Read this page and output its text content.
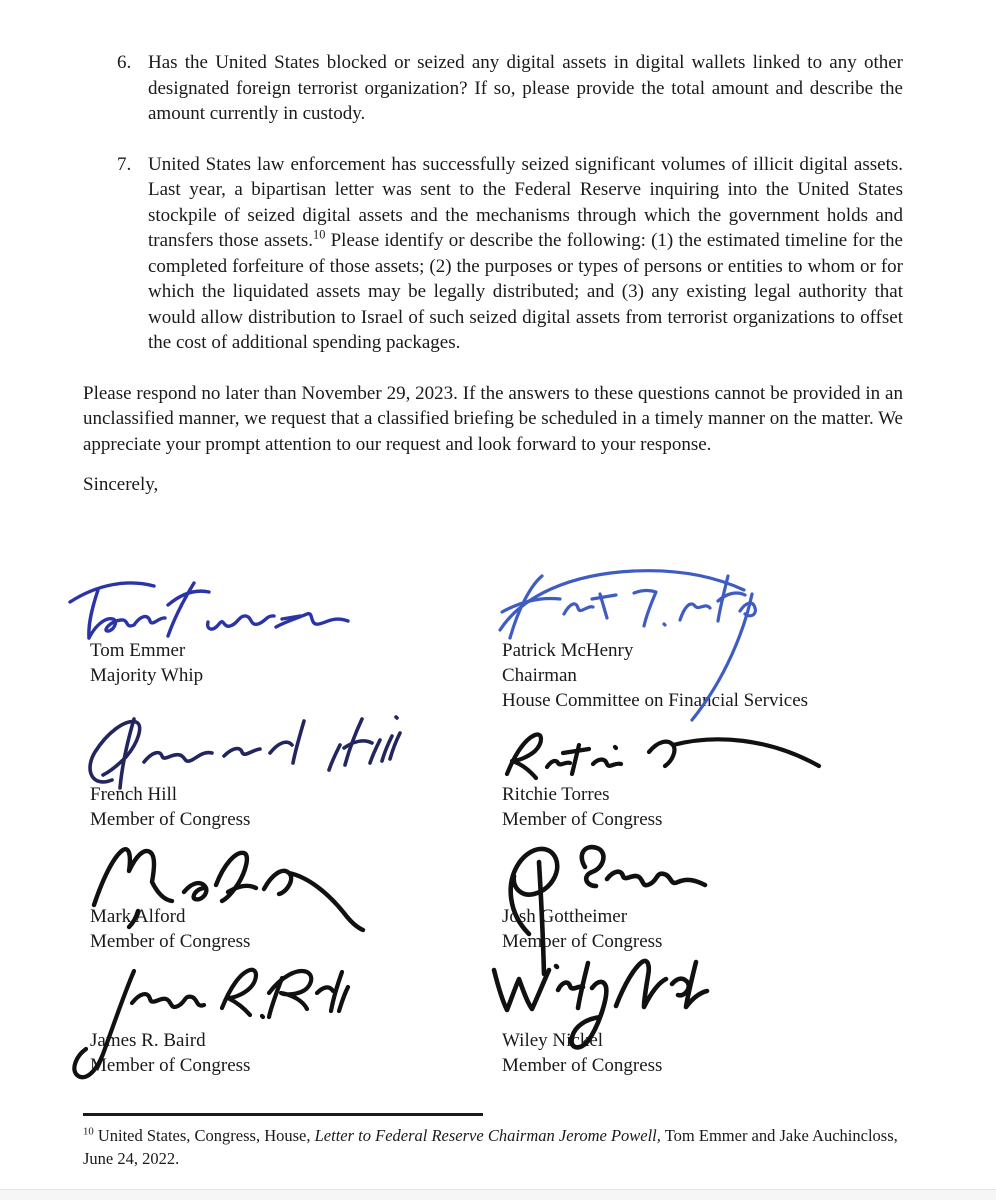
6. Has the United States blocked or seized any digital assets in digital wallets linked to any other designated foreign terrorist organization? If so, please provide the total amount and describe the amount currently in custody.
7. United States law enforcement has successfully seized significant volumes of illicit digital assets. Last year, a bipartisan letter was sent to the Federal Reserve inquiring into the United States stockpile of seized digital assets and the mechanisms through which the government holds and transfers those assets.$^{10}$ Please identify or describe the following: (1) the estimated timeline for the completed forfeiture of those assets; (2) the purposes or types of persons or entities to whom or for which the liquidated assets may be legally distributed; and (3) any existing legal authority that would allow distribution to Israel of such seized digital assets from terrorist organizations to offset the cost of additional spending packages.

Please respond no later than November 29, 2023. If the answers to these questions cannot be provided in an unclassified manner, we request that a classified briefing be scheduled in a timely manner on the matter. We appreciate your prompt attention to our request and look forward to your response.

Sincerely,

Tom Emmer
Majority Whip
Patrick McHenry
Chairman
House Committee on Financial Services
French Hill
Member of Congress
Ritchie Torres
Member of Congress
Mark Alford
Member of Congress
Josh Gottheimer
Member of Congress
James R. Baird
Member of Congress
Wiley Nickel
Member of Congress

$^{10}$ United States, Congress, House, Letter to Federal Reserve Chairman Jerome Powell, Tom Emmer and Jake Auchincloss, June 24, 2022.
